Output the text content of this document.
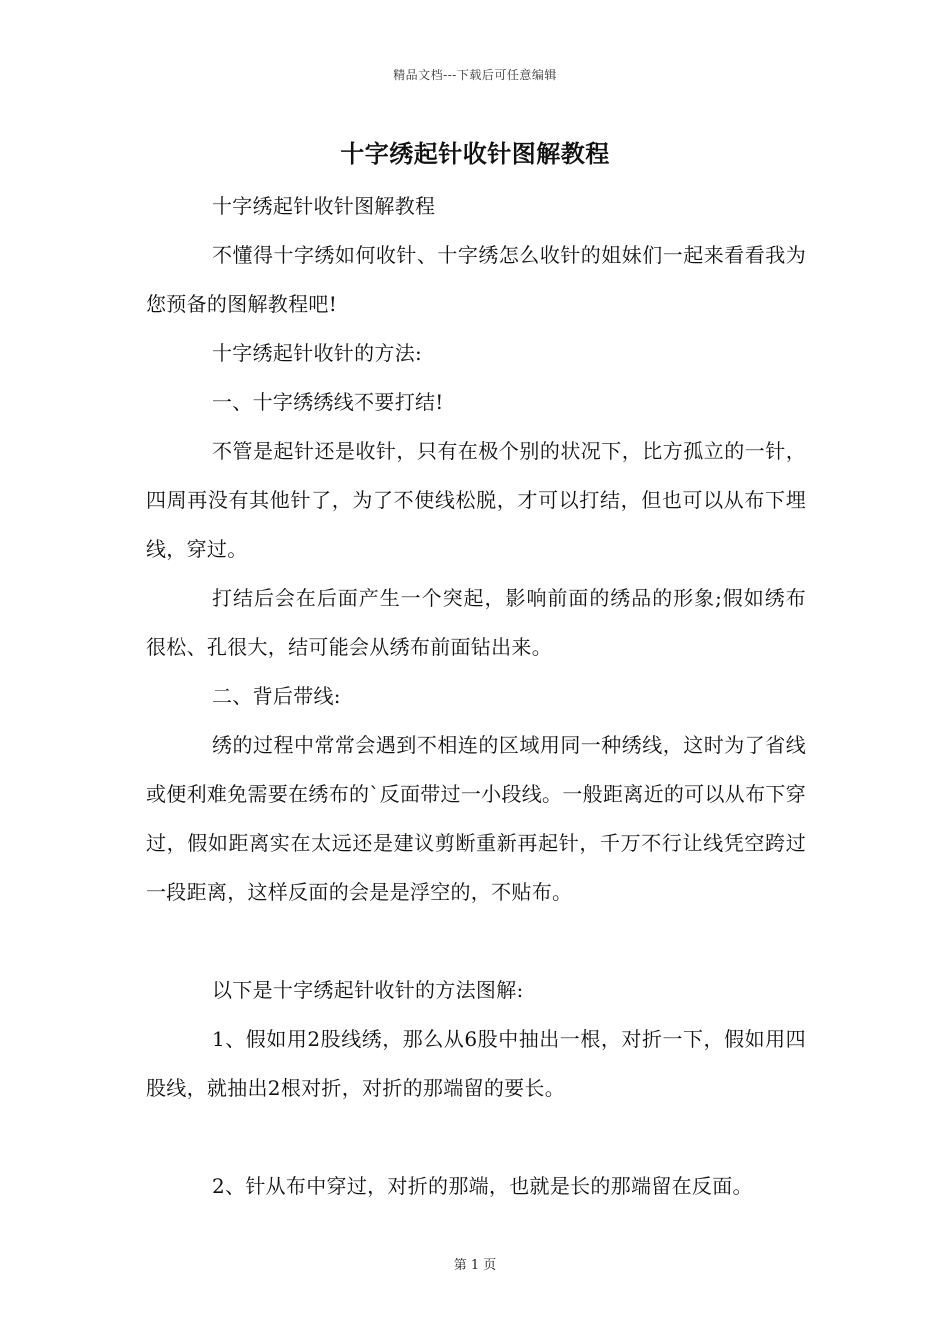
精品文档---下载后可任意编辑
十字绣起针收针图解教程

十字绣起针收针图解教程

不懂得十字绣如何收针、十字绣怎么收针的姐妹们一起来看看我为您预备的图解教程吧!

十字绣起针收针的方法:

一、十字绣绣线不要打结!

不管是起针还是收针，只有在极个别的状况下，比方孤立的一针，四周再没有其他针了，为了不使线松脱，才可以打结，但也可以从布下埋线，穿过。

打结后会在后面产生一个突起，影响前面的绣品的形象;假如绣布很松、孔很大，结可能会从绣布前面钻出来。

二、背后带线:

绣的过程中常常会遇到不相连的区域用同一种绣线，这时为了省线或便利难免需要在绣布的`反面带过一小段线。一般距离近的可以从布下穿过，假如距离实在太远还是建议剪断重新再起针，千万不行让线凭空跨过一段距离，这样反面的会是是浮空的，不贴布。

以下是十字绣起针收针的方法图解:

1、假如用2股线绣，那么从6股中抽出一根，对折一下，假如用四股线，就抽出2根对折，对折的那端留的要长。

2、针从布中穿过，对折的那端，也就是长的那端留在反面。

第 1 页
